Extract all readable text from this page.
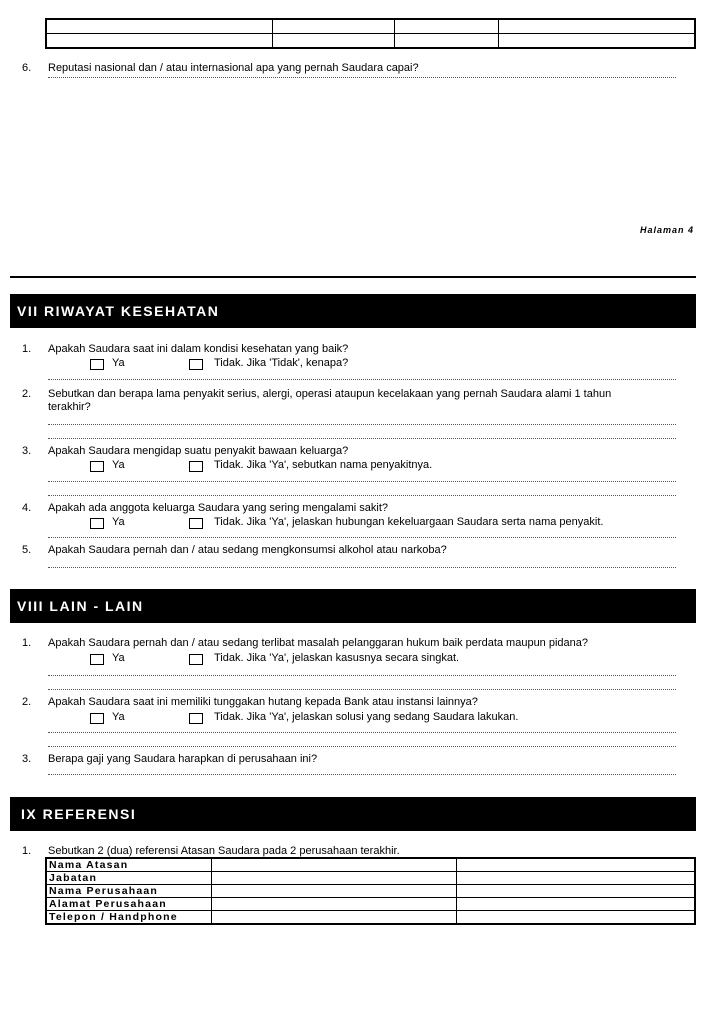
6. Reputasi nasional dan / atau internasional apa yang pernah Saudara capai?
Halaman 4
VII RIWAYAT KESEHATAN
1. Apakah Saudara saat ini dalam kondisi kesehatan yang baik?
Ya	Tidak. Jika 'Tidak', kenapa?
2. Sebutkan dan berapa lama penyakit serius, alergi, operasi ataupun kecelakaan yang pernah Saudara alami 1 tahun
terakhir?
3. Apakah Saudara mengidap suatu penyakit bawaan keluarga?
Ya	Tidak. Jika 'Ya', sebutkan nama penyakitnya.
4. Apakah ada anggota keluarga Saudara yang sering mengalami sakit?
Ya	Tidak. Jika 'Ya', jelaskan hubungan kekeluargaan Saudara serta nama penyakit.
5. Apakah Saudara pernah dan / atau sedang mengkonsumsi alkohol atau narkoba?
VIII LAIN - LAIN
1. Apakah Saudara pernah dan / atau sedang terlibat masalah pelanggaran hukum baik perdata maupun pidana?
Ya	Tidak. Jika 'Ya', jelaskan kasusnya secara singkat.
2. Apakah Saudara saat ini memiliki tunggakan hutang kepada Bank atau instansi lainnya?
Ya	Tidak. Jika 'Ya', jelaskan solusi yang sedang Saudara lakukan.
3. Berapa gaji yang Saudara harapkan di perusahaan ini?
IX REFERENSI
1. Sebutkan 2 (dua) referensi Atasan Saudara pada 2 perusahaan terakhir.
Nama Atasan		
Jabatan		
Nama Perusahaan		
Alamat Perusahaan		
Telepon / Handphone		
